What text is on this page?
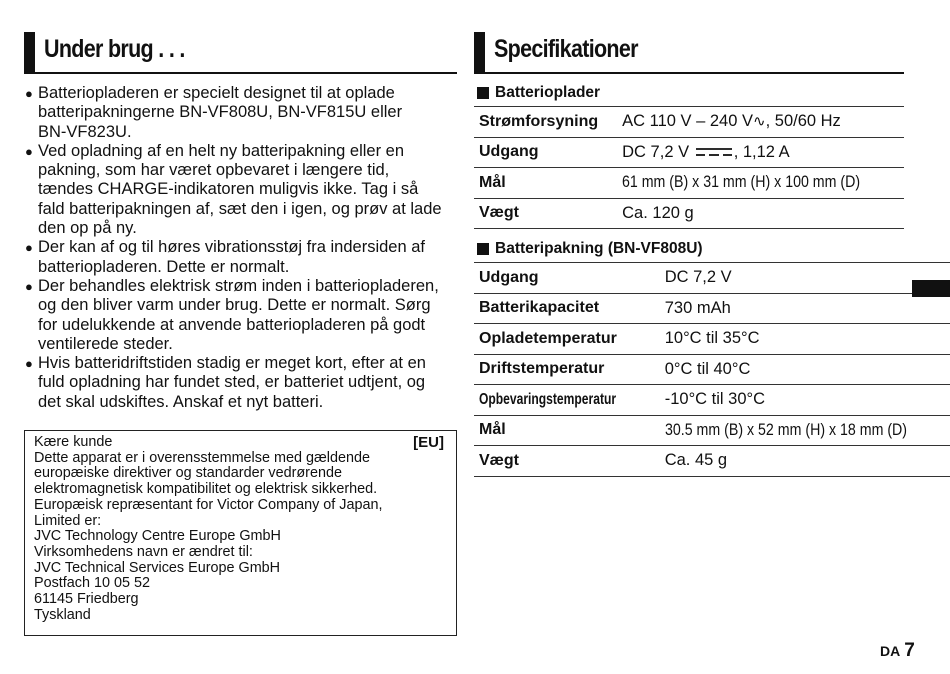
Under brug . . .
● Batteriopladeren er specielt designet til at oplade
batteripakningerne BN-VF808U, BN-VF815U eller
BN-VF823U.
● Ved opladning af en helt ny batteripakning eller en
pakning, som har været opbevaret i længere tid,
tændes CHARGE-indikatoren muligvis ikke. Tag i så
fald batteripakningen af, sæt den i igen, og prøv at lade
den op på ny.
● Der kan af og til høres vibrationsstøj fra indersiden af
batteriopladeren. Dette er normalt.
● Der behandles elektrisk strøm inden i batteriopladeren,
og den bliver varm under brug. Dette er normalt. Sørg
for udelukkende at anvende batteriopladeren på godt
ventilerede steder.
● Hvis batteridriftstiden stadig er meget kort, efter at en
fuld opladning har fundet sted, er batteriet udtjent, og
det skal udskiftes. Anskaf et nyt batteri.
Kære kunde	[EU]
Dette apparat er i overensstemmelse med gældende
europæiske direktiver og standarder vedrørende
elektromagnetisk kompatibilitet og elektrisk sikkerhed.
Europæisk repræsentant for Victor Company of Japan,
Limited er:
JVC Technology Centre Europe GmbH
Virksomhedens navn er ændret til:
JVC Technical Services Europe GmbH
Postfach 10 05 52
61145 Friedberg
Tyskland
Specifikationer
Batterioplader
Strømforsyning	AC 110 V – 240 V∿, 50/60 Hz
Udgang	DC 7,2 V , 1,12 A
Mål	61 mm (B) x 31 mm (H) x 100 mm (D)
Vægt	Ca. 120 g
Batteripakning (BN-VF808U)
Udgang	DC 7,2 V
Batterikapacitet	730 mAh
Opladetemperatur	10°C til 35°C
Driftstemperatur	0°C til 40°C
Opbevaringstemperatur	-10°C til 30°C
Mål	30.5 mm (B) x 52 mm (H) x 18 mm (D)
Vægt	Ca. 45 g
DA 7
